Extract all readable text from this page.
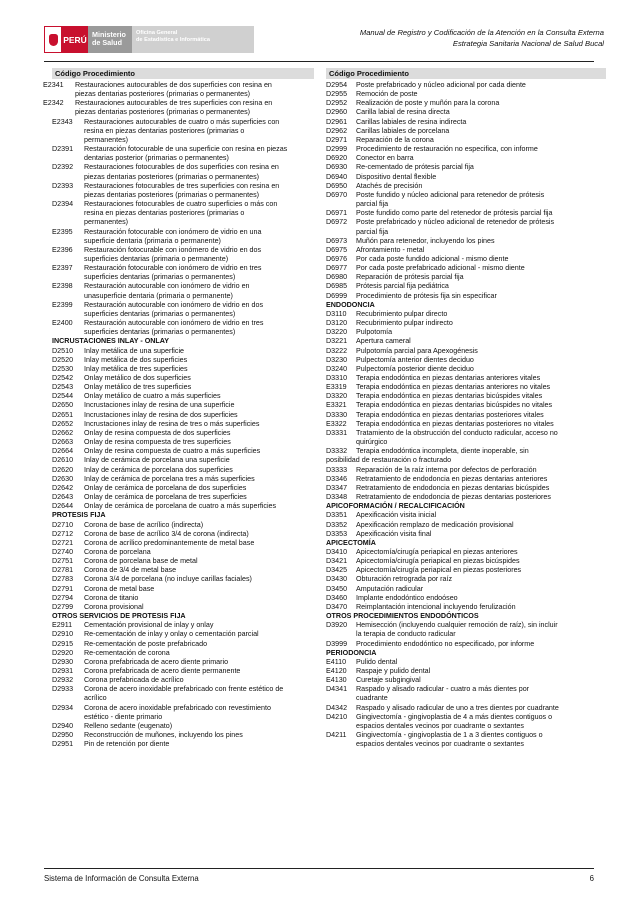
PERÚ Ministerio
de Salud
Oficina General
de Estadística e Informática
Manual de Registro y Codificación de la Atención en la Consulta Externa
Estrategia Sanitaria Nacional de Salud Bucal
Código Procedimiento
E2341	Restauraciones autocurables de dos superficies con resina en
piezas dentarias posteriores (primarias o permanentes)
E2342	Restauraciones autocurables de tres superficies con resina en
piezas dentarias posteriores (primarias o permanentes)
E2343	Restauraciones autocurables de cuatro o más superficies con
resina en piezas dentarias posteriores (primarias o
permanentes)
D2391	Restauración fotocurable de una superficie con resina en piezas
dentarias posterior (primarias o permanentes)
D2392	Restauraciones fotocurables de dos superficies con resina en
piezas dentarias posteriores (primarias o permanentes)
D2393	Restauraciones fotocurables de tres superficies con resina en
piezas dentarias posteriores (primarias o permanentes)
D2394	Restauraciones fotocurables de cuatro superficies o más con
resina en piezas dentarias posteriores (primarias o
permanentes)
E2395	Restauración fotocurable con ionómero de vidrio en una
superficie dentaria (primaria o permanente)
E2396	Restauración fotocurable con ionómero de vidrio en dos
superficies dentarias (primaria o permanente)
E2397	Restauración fotocurable con ionómero de vidrio en tres
superficies dentarias (primarias o permanentes)
E2398	Restauración autocurable con ionómero de vidrio en
unasuperficie dentaria (primaria o permanente)
E2399	Restauración autocurable con ionómero de vidrio en dos
superficies dentarias (primarias o permanentes)
E2400	Restauración autocurable con ionómero de vidrio en tres
superficies dentarias (primarias o permanentes)
INCRUSTACIONES INLAY - ONLAY
D2510	Inlay metálica de una superficie
D2520	Inlay metálica de dos superficies
D2530	Inlay metálica de tres superficies
D2542	Onlay metálico de dos superficies
D2543	Onlay metálico de tres superficies
D2544	Onlay metálico de cuatro a más superficies
D2650	Incrustaciones inlay de resina de una superficie
D2651	Incrustaciones inlay de resina de dos superficies
D2652	Incrustaciones inlay de resina de tres o más superficies
D2662	Onlay de resina compuesta de dos superficies
D2663	Onlay de resina compuesta de tres superficies
D2664	Onlay de resina compuesta de cuatro a más superficies
D2610	Inlay de cerámica de porcelana una superficie
D2620	Inlay de cerámica de porcelana dos superficies
D2630	Inlay de cerámica de porcelana tres a más superficies
D2642	Onlay de cerámica de porcelana de dos superficies
D2643	Onlay de cerámica de porcelana de tres superficies
D2644	Onlay de cerámica de porcelana de cuatro a más superficies
PROTESIS FIJA
D2710	Corona de base de acrílico (indirecta)
D2712	Corona de base de acrílico 3/4 de corona (indirecta)
D2721	Corona de acrílico predominantemente de metal base
D2740	Corona de porcelana
D2751	Corona de porcelana base de metal
D2781	Corona de 3/4 de metal base
D2783	Corona 3/4 de porcelana (no incluye carillas faciales)
D2791	Corona de metal base
D2794	Corona de titanio
D2799	Corona provisional
OTROS SERVICIOS DE PROTESIS FIJA
E2911	Cementación provisional de inlay y onlay
D2910	Re-cementación de inlay y onlay o cementación parcial
D2915	Re-cementación de poste prefabricado
D2920	Re-cementación de corona
D2930	Corona prefabricada de acero diente primario
D2931	Corona prefabricada de acero diente permanente
D2932	Corona prefabricada de acrílico
D2933	Corona de acero inoxidable prefabricado con frente estético de
acrílico
D2934	Corona de acero inoxidable prefabricado con revestimiento
estético - diente primario
D2940	Relleno sedante (eugenato)
D2950	Reconstrucción de muñones, incluyendo los pines
D2951	Pin de retención por diente
Código Procedimiento
D2954	Poste prefabricado y núcleo adicional por cada diente
D2955	Remoción de poste
D2952	Realización de poste y muñón para la corona
D2960	Carilla labial de resina directa
D2961	Carillas labiales de resina indirecta
D2962	Carillas labiales de porcelana
D2971	Reparación de la corona
D2999	Procedimiento de restauración no especifica, con informe
D6920	Conector en barra
D6930	Re-cementado de prótesis parcial fija
D6940	Dispositivo dental flexible
D6950	Atachés de precisión
D6970	Poste fundido y núcleo adicional para retenedor de prótesis
parcial fija
D6971	Poste fundido como parte del retenedor de prótesis parcial fija
D6972	Poste prefabricado y núcleo adicional de retenedor de prótesis
parcial fija
D6973	Muñón para retenedor, incluyendo los pines
D6975	Afrontamiento - metal
D6976	Por cada poste fundido adicional - mismo diente
D6977	Por cada poste prefabricado adicional - mismo diente
D6980	Reparación de prótesis parcial fija
D6985	Prótesis parcial fija pediátrica
D6999	Procedimiento de prótesis fija sin especificar
ENDODONCIA
D3110	Recubrimiento pulpar directo
D3120	Recubrimiento pulpar indirecto
D3220	Pulpotomía
D3221	Apertura cameral
D3222	Pulpotomía parcial para Apexogénesis
D3230	Pulpectomía anterior dientes deciduo
D3240	Pulpectomía posterior diente deciduo
D3310	Terapia endodóntica en piezas dentarias anteriores vitales
E3319	Terapia endodóntica en piezas dentarias anteriores no vitales
D3320	Terapia endodóntica en piezas dentarias bicúspides vitales
E3321	Terapia endodóntica en piezas dentarias bicúspides no vitales
D3330	Terapia endodóntica en piezas dentarias posteriores vitales
E3322	Terapia endodóntica en piezas dentarias posteriores no vitales
D3331	Tratamiento de la obstrucción del conducto radicular, acceso no
quirúrgico
D3332	Terapia endodóntica incompleta, diente inoperable, sin
posibilidad de restauración o fracturado
D3333	Reparación de la raíz interna por defectos de perforación
D3346	Retratamiento de endodoncia en piezas dentarias anteriores
D3347	Retratamiento de endodoncia en piezas dentarias bicúspides
D3348	Retratamiento de endodoncia de piezas dentarias posteriores
APICOFORMACIÓN / RECALCIFICACIÓN
D3351	Apexificación visita inicial
D3352	Apexificación remplazo de medicación provisional
D3353	Apexificación visita final
APICECTOMÍA
D3410	Apicectomía/cirugía periapical en piezas anteriores
D3421	Apicectomía/cirugía periapical en piezas bicúspides
D3425	Apicectomía/cirugía periapical en piezas posteriores
D3430	Obturación retrograda por raíz
D3450	Amputación radicular
D3460	Implante endodóntico endoóseo
D3470	Reimplantación intencional incluyendo ferulización
OTROS PROCEDIMIENTOS ENDODÓNTICOS
D3920	Hemisección (incluyendo cualquier remoción de raíz), sin incluir
la terapia de conducto radicular
D3999	Procedimiento endodóntico no especificado, por informe
PERIODONCIA
E4110	Pulido dental
E4120	Raspaje y pulido dental
E4130	Curetaje subgingival
D4341	Raspado y alisado radicular - cuatro a más dientes por
cuadrante
D4342	Raspado y alisado radicular de uno a tres dientes por cuadrante
D4210	Gingivectomía - gingivoplastia de 4 a más dientes contiguos o
espacios dentales vecinos por cuadrante o sextantes
D4211	Gingivectomía - gingivoplastia de 1 a 3 dientes contiguos o
espacios dentales vecinos por cuadrante o sextantes
Sistema de Información de Consulta Externa	6
